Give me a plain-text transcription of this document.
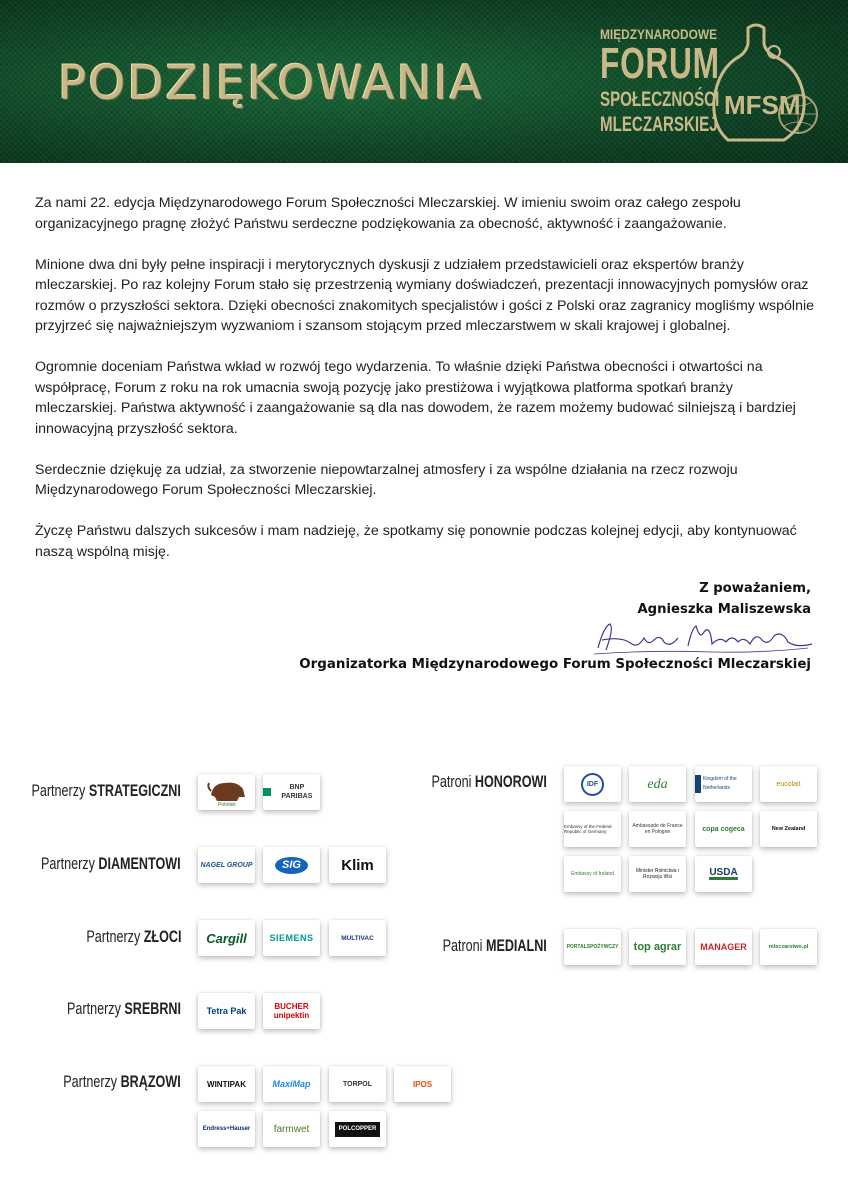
PODZIĘKOWANIA
MIĘDZYNARODOWE
FORUM
SPOŁECZNOŚCI
MLECZARSKIEJ
MFSM

Za nami 22. edycja Międzynarodowego Forum Społeczności Mleczarskiej. W imieniu swoim oraz całego zespołu organizacyjnego pragnę złożyć Państwu serdeczne podziękowania za obecność, aktywność i zaangażowanie.

Minione dwa dni były pełne inspiracji i merytorycznych dyskusji z udziałem przedstawicieli oraz ekspertów branży mleczarskiej. Po raz kolejny Forum stało się przestrzenią wymiany doświadczeń, prezentacji innowacyjnych pomysłów oraz rozmów o przyszłości sektora. Dzięki obecności znakomitych specjalistów i gości z Polski oraz zagranicy mogliśmy wspólnie przyjrzeć się najważniejszym wyzwaniom i szansom stojącym przed mleczarstwem w skali krajowej i globalnej.

Ogromnie doceniam Państwa wkład w rozwój tego wydarzenia. To właśnie dzięki Państwa obecności i otwartości na współpracę, Forum z roku na rok umacnia swoją pozycję jako prestiżowa i wyjątkowa platforma spotkań branży mleczarskiej. Państwa aktywność i zaangażowanie są dla nas dowodem, że razem możemy budować silniejszą i bardziej innowacyjną przyszłość sektora.

Serdecznie dziękuję za udział, za stworzenie niepowtarzalnej atmosfery i za wspólne działania na rzecz rozwoju Międzynarodowego Forum Społeczności Mleczarskiej.

Życzę Państwu dalszych sukcesów i mam nadzieję, że spotkamy się ponownie podczas kolejnej edycji, aby kontynuować naszą wspólną misję.

Z poważaniem,
Agnieszka Maliszewska
Organizatorka Międzynarodowego Forum Społeczności Mleczarskiej
Partnerzy STRATEGICZNI
Partnerzy DIAMENTOWI
Partnerzy ZŁOCI
Partnerzy SREBRNI
Partnerzy BRĄZOWI
Patroni HONOROWI
Patroni MEDIALNI
Polmlek
BNP PARIBAS
NAGEL GROUP	SIG	Klim
Cargill	SIEMENS	MULTIVAC
Tetra Pak	BUCHER unipektin
WINTIPAK	MaxiMap	TORPOL	IPOS
Endress+Hauser farmwet	POLCOPPER
IDF	eda	Kingdom of the Netherlands
eucolait
Embassy of the Federal Republic of Germany
Ambassade de France en Pologne	copa cogeca	New Zealand
Embassy of Ireland	Minister Rolnictwa i Rozwoju Wsi	USDA
PORTALSPOŻYWCZY top agrar MANAGER	mleczarstwo.pl
